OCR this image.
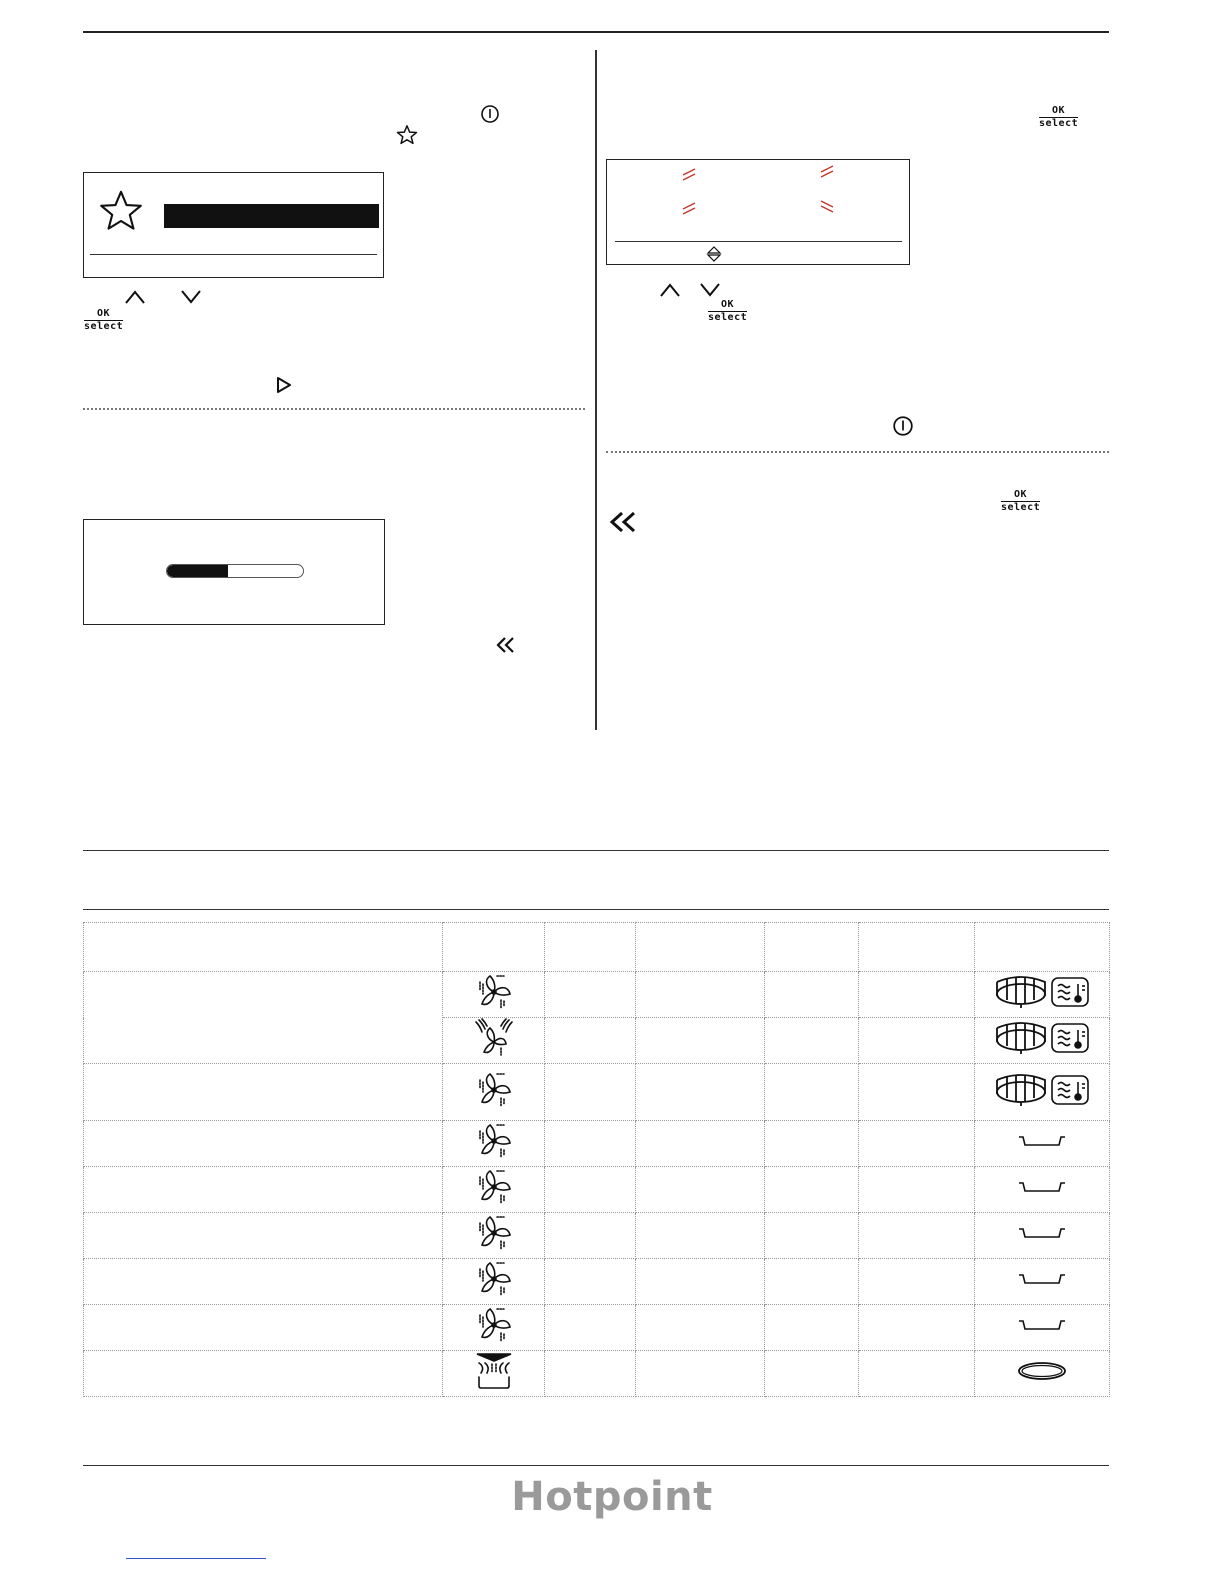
OK
select
OK
select
OK
select
OK
select

Hotpoint
